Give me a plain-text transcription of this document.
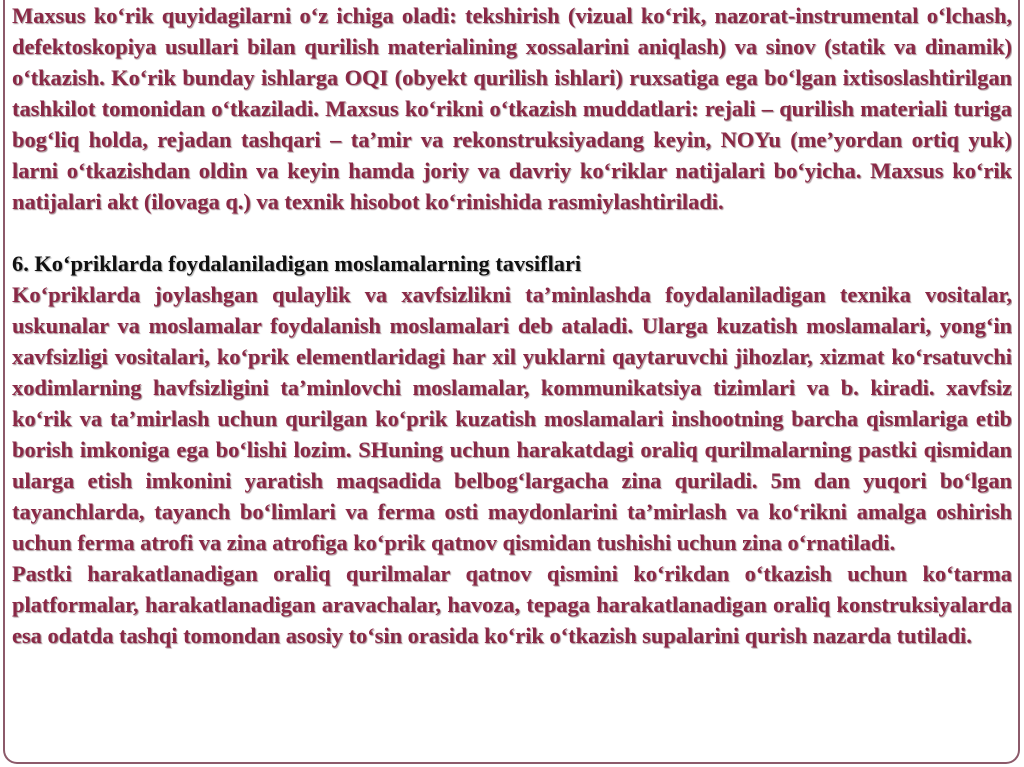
Maxsus ko‘rik quyidagilarni o‘z ichiga oladi: tekshirish (vizual ko‘rik, nazorat-instrumental o‘lchash, defektoskopiya usullari bilan qurilish materialining xossalarini aniqlash) va sinov (statik va dinamik) o‘tkazish. Ko‘rik bunday ishlarga OQI (obyekt qurilish ishlari) ruxsatiga ega bo‘lgan ixtisoslashtirilgan tashkilot tomonidan o‘tkaziladi. Maxsus ko‘rikni o‘tkazish muddatlari: rejali – qurilish materiali turiga bog‘liq holda, rejadan tashqari – ta’mir va rekonstruksiyadang keyin, NOYu (me’yordan ortiq yuk) larni o‘tkazishdan oldin va keyin hamda joriy va davriy ko‘riklar natijalari bo‘yicha. Maxsus ko‘rik natijalari akt (ilovaga q.) va texnik hisobot ko‘rinishida rasmiylashtiriladi.

6. Ko‘priklarda foydalaniladigan moslamalarning tavsiflari

Ko‘priklarda joylashgan qulaylik va xavfsizlikni ta’minlashda foydalaniladigan texnika vositalar, uskunalar va moslamalar foydalanish moslamalari deb ataladi. Ularga kuzatish moslamalari, yong‘in xavfsizligi vositalari, ko‘prik elementlaridagi har xil yuklarni qaytaruvchi jihozlar, xizmat ko‘rsatuvchi xodimlarning havfsizligini ta’minlovchi moslamalar, kommunikatsiya tizimlari va b. kiradi. xavfsiz ko‘rik va ta’mirlash uchun qurilgan ko‘prik kuzatish moslamalari inshootning barcha qismlariga etib borish imkoniga ega bo‘lishi lozim. SHuning uchun harakatdagi oraliq qurilmalarning pastki qismidan ularga etish imkonini yaratish maqsadida belbog‘largacha zina quriladi. 5m dan yuqori bo‘lgan tayanchlarda, tayanch bo‘limlari va ferma osti maydonlarini ta’mirlash va ko‘rikni amalga oshirish uchun ferma atrofi va zina atrofiga ko‘prik qatnov qismidan tushishi uchun zina o‘rnatiladi.

Pastki harakatlanadigan oraliq qurilmalar qatnov qismini ko‘rikdan o‘tkazish uchun ko‘tarma platformalar, harakatlanadigan aravachalar, havoza, tepaga harakatlanadigan oraliq konstruksiyalarda esa odatda tashqi tomondan asosiy to‘sin orasida ko‘rik o‘tkazish supalarini qurish nazarda tutiladi.
